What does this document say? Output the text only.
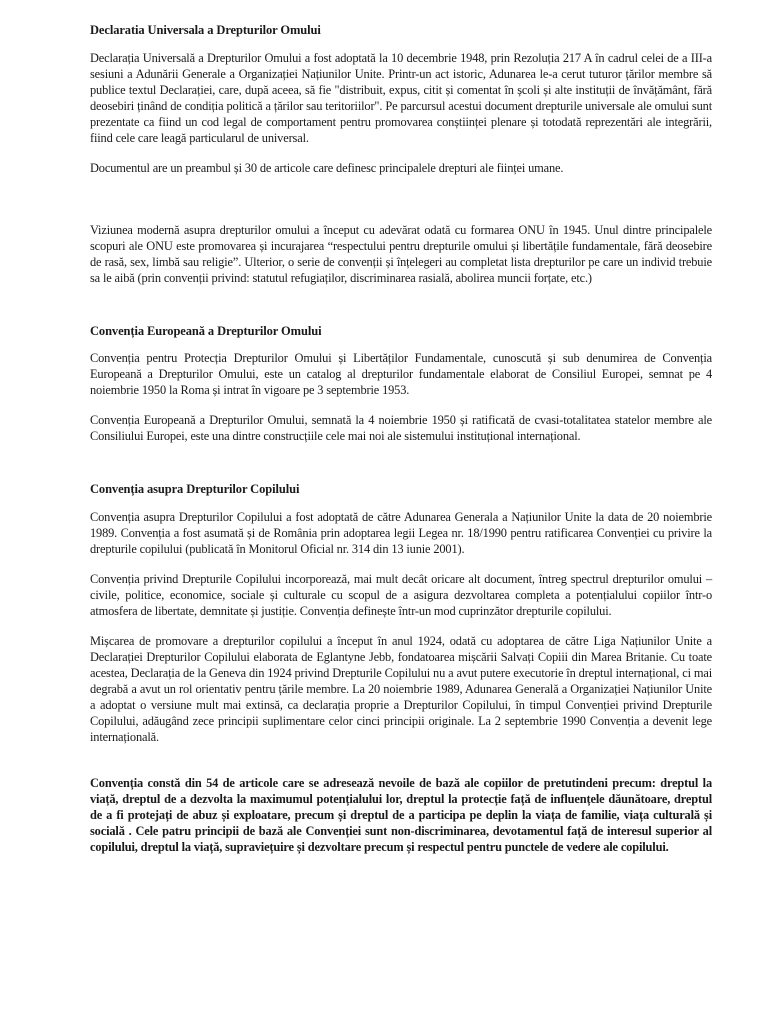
Declaratia Universala a Drepturilor Omului

Declarația Universală a Drepturilor Omului a fost adoptată la 10 decembrie 1948, prin Rezoluția 217 A în cadrul celei de a III-a sesiuni a Adunării Generale a Organizației Națiunilor Unite. Printr-un act istoric, Adunarea le-a cerut tuturor țărilor membre să publice textul Declarației, care, după aceea, să fie "distribuit, expus, citit și comentat în școli și alte instituții de învățământ, fără deosebiri ținând de condiția politică a țărilor sau teritoriilor". Pe parcursul acestui document drepturile universale ale omului sunt prezentate ca fiind un cod legal de comportament pentru promovarea conștiinței plenare și totodată reprezentări ale integrării, fiind cele care leagă particularul de universal.

Documentul are un preambul și 30 de articole care definesc principalele drepturi ale ființei umane.

Viziunea modernă asupra drepturilor omului a început cu adevărat odată cu formarea ONU în 1945. Unul dintre principalele scopuri ale ONU este promovarea și incurajarea “respectului pentru drepturile omului și libertățile fundamentale, fără deosebire de rasă, sex, limbă sau religie”. Ulterior, o serie de convenții și înțelegeri au completat lista drepturilor pe care un individ trebuie sa le aibă (prin convenții privind: statutul refugiaților, discriminarea rasială, abolirea muncii forțate, etc.)

Convenția Europeană a Drepturilor Omului

Convenția pentru Protecția Drepturilor Omului și Libertăților Fundamentale, cunoscută și sub denumirea de Convenția Europeană a Drepturilor Omului, este un catalog al drepturilor fundamentale elaborat de Consiliul Europei, semnat pe 4 noiembrie 1950 la Roma și intrat în vigoare pe 3 septembrie 1953.

Convenția Europeană a Drepturilor Omului, semnată la 4 noiembrie 1950 și ratificată de cvasi-totalitatea statelor membre ale Consiliului Europei, este una dintre construcțiile cele mai noi ale sistemului instituțional internațional.

Convenția asupra Drepturilor Copilului

Convenția asupra Drepturilor Copilului a fost adoptată de către Adunarea Generala a Națiunilor Unite la data de 20 noiembrie 1989. Convenția a fost asumată și de România prin adoptarea legii Legea nr. 18/1990 pentru ratificarea Convenției cu privire la drepturile copilului (publicată în Monitorul Oficial nr. 314 din 13 iunie 2001).

Convenția privind Drepturile Copilului incorporează, mai mult decât oricare alt document, întreg spectrul drepturilor omului – civile, politice, economice, sociale și culturale cu scopul de a asigura dezvoltarea completa a potențialului copiilor într-o atmosfera de libertate, demnitate și justiție. Convenția definește într-un mod cuprinzător drepturile copilului.

Mișcarea de promovare a drepturilor copilului a început în anul 1924, odată cu adoptarea de către Liga Națiunilor Unite a Declarației Drepturilor Copilului elaborata de Eglantyne Jebb, fondatoarea mișcării Salvați Copiii din Marea Britanie. Cu toate acestea, Declarația de la Geneva din 1924 privind Drepturile Copilului nu a avut putere executorie în dreptul internațional, ci mai degrabă a avut un rol orientativ pentru țările membre. La 20 noiembrie 1989, Adunarea Generală a Organizației Națiunilor Unite a adoptat o versiune mult mai extinsă, ca declarația proprie a Drepturilor Copilului, în timpul Convenției privind Drepturile Copilului, adăugând zece principii suplimentare celor cinci principii originale. La 2 septembrie 1990 Convenția a devenit lege internațională.

Convenția constă din 54 de articole care se adresează nevoile de bază ale copiilor de pretutindeni precum: dreptul la viață, dreptul de a dezvolta la maximumul potențialului lor, dreptul la protecție față de influențele dăunătoare, dreptul de a fi protejați de abuz și exploatare, precum și dreptul de a participa pe deplin la viața de familie, viața culturală și socială . Cele patru principii de bază ale Convenției sunt non-discriminarea, devotamentul față de interesul superior al copilului, dreptul la viață, supraviețuire și dezvoltare precum și respectul pentru punctele de vedere ale copilului.
